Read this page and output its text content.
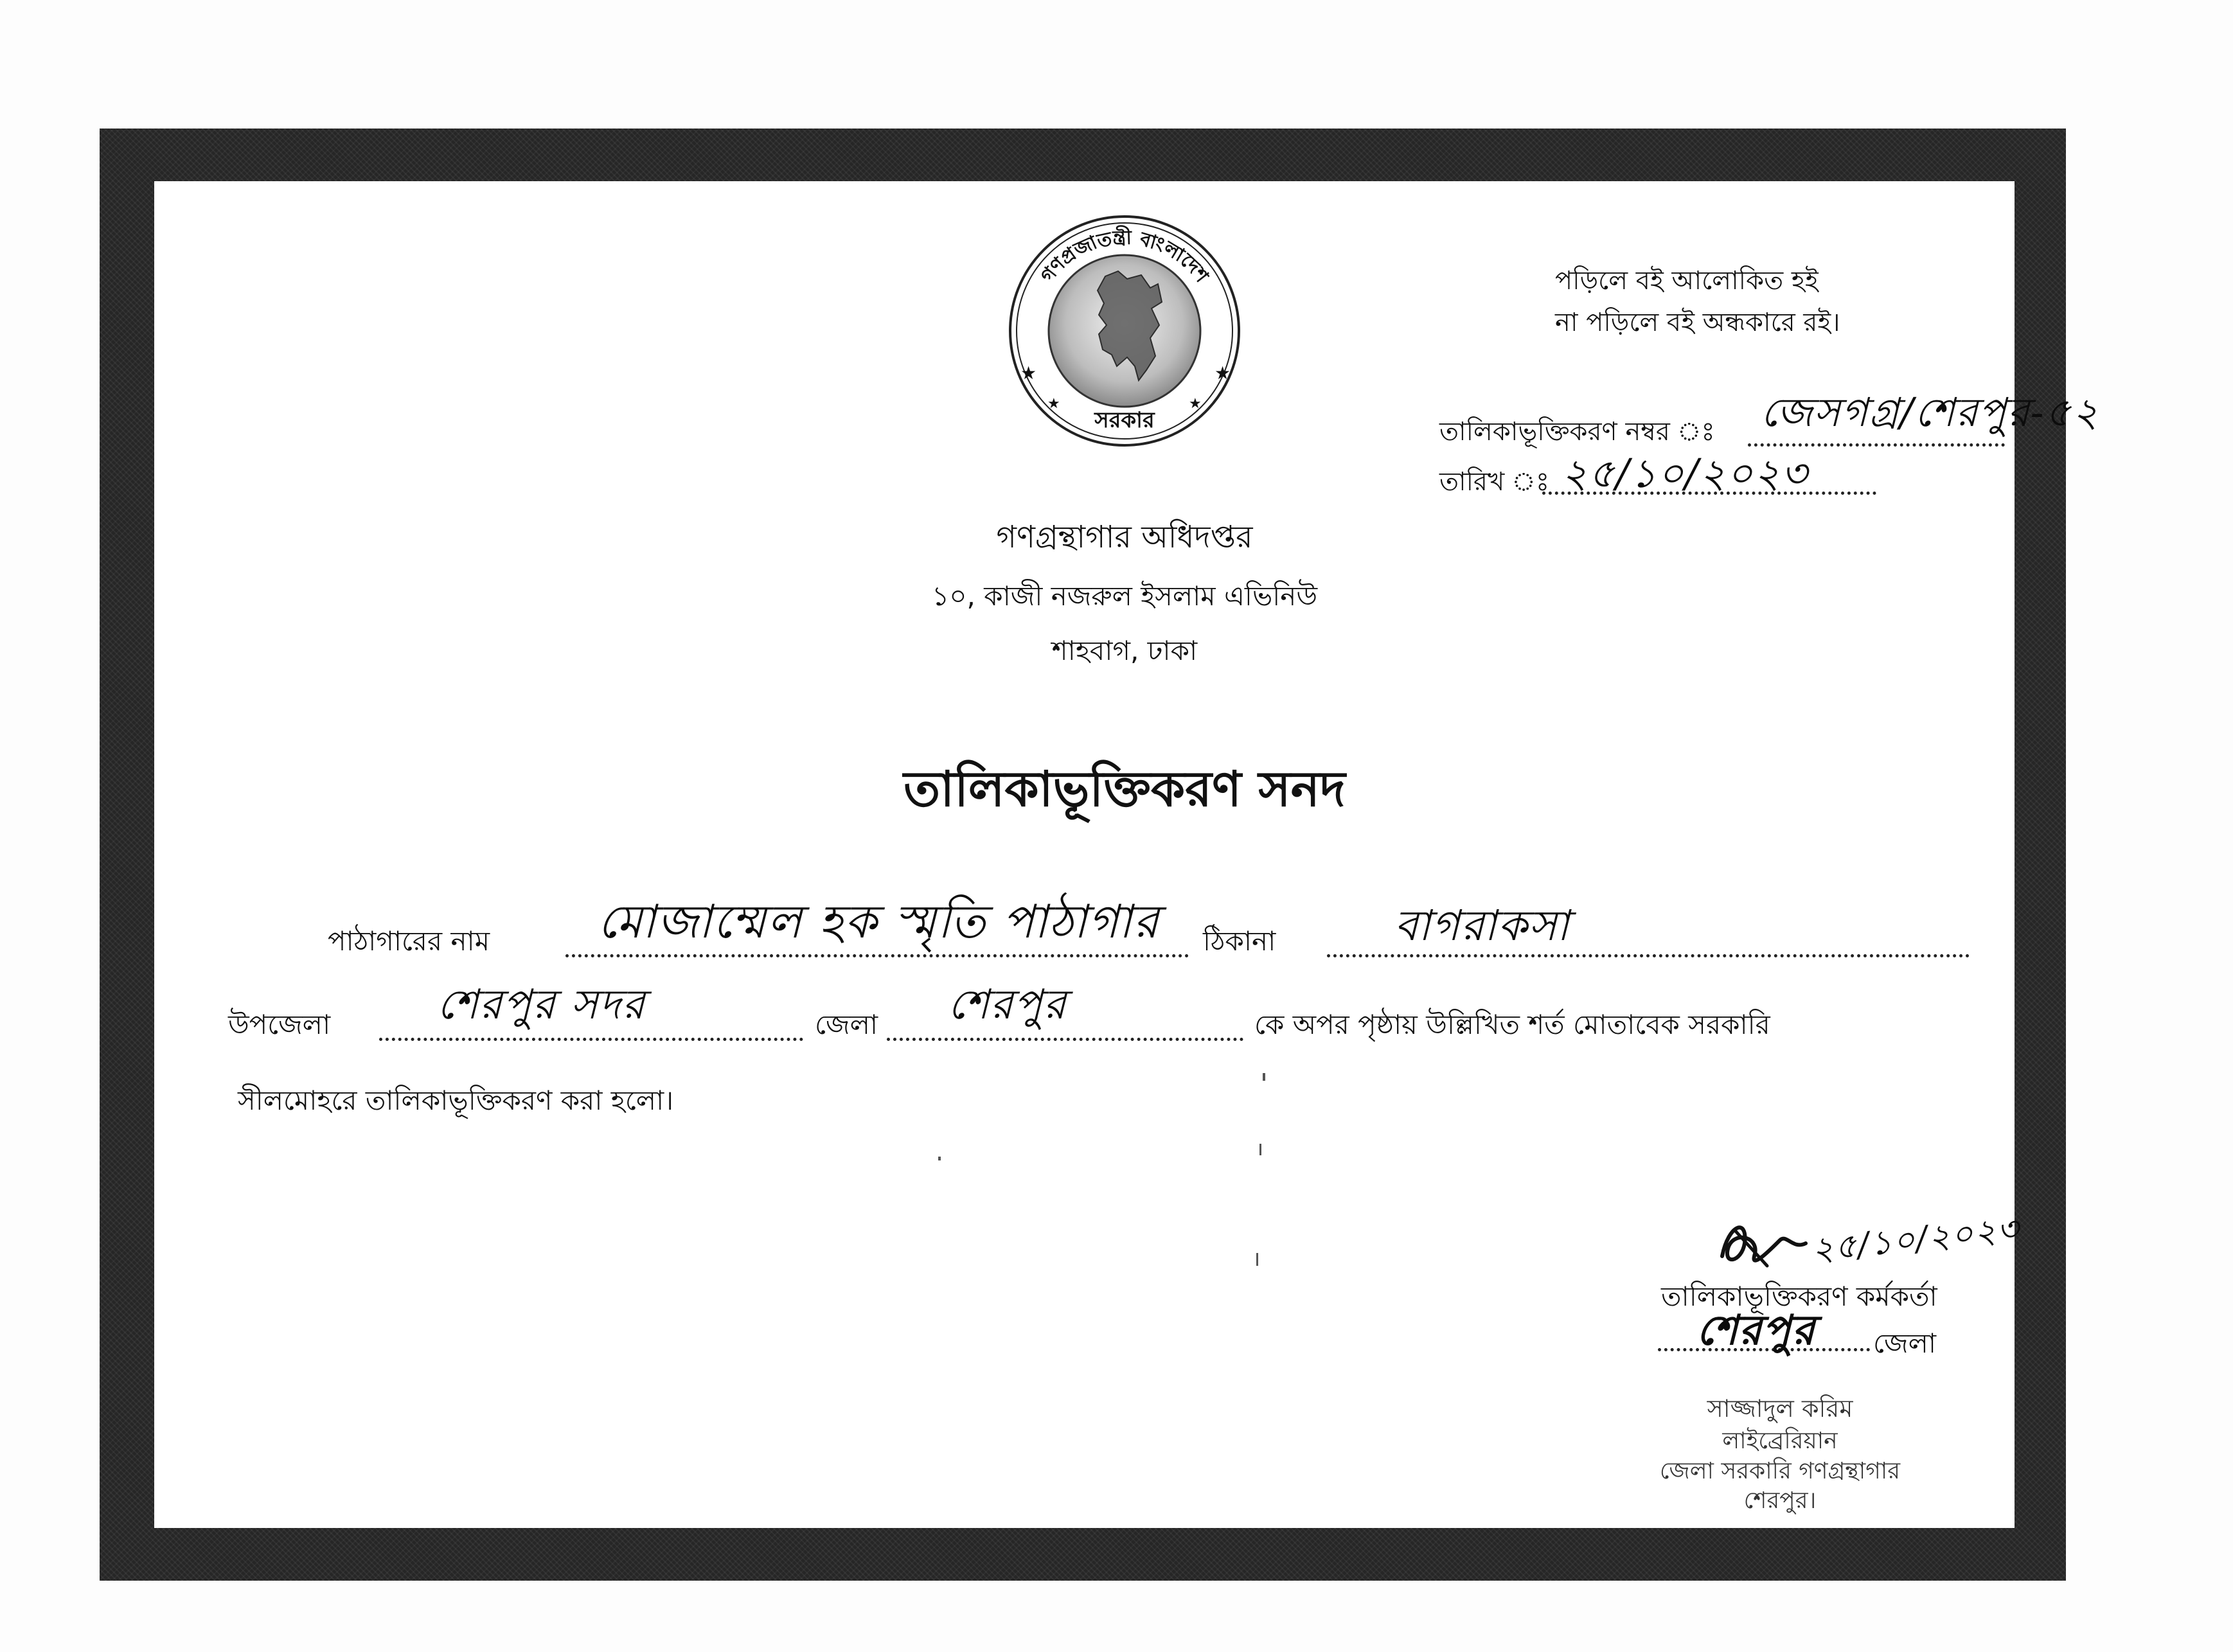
গণপ্রজাতন্ত্রী বাংলাদেশ
সরকার
★	★
★	★
পড়িলে বই আলোকিত হই
না পড়িলে বই অন্ধকারে রই।
তালিকাভূক্তিকরণ নম্বর ঃ জেসগগ্র/শেরপুর-৫২
তারিখ ঃ ২৫/১০/২০২৩
গণগ্রন্থাগার অধিদপ্তর
১০, কাজী নজরুল ইসলাম এভিনিউ
শাহবাগ, ঢাকা
তালিকাভূক্তিকরণ সনদ
পাঠাগারের নাম মোজাম্মেল হক স্মৃতি পাঠাগার ঠিকানা	বাগরাকসা
উপজেলা	শেরপুর সদর	জেলা শেরপুর	কে অপর পৃষ্ঠায় উল্লিখিত শর্ত মোতাবেক সরকারি
সীলমোহরে তালিকাভূক্তিকরণ করা হলো।
২৫/১০/২০২৩
তালিকাভূক্তিকরণ কর্মকর্তা
শেরপুর জেলা
সাজ্জাদুল করিম
লাইব্রেরিয়ান
জেলা সরকারি গণগ্রন্থাগার
শেরপুর।
